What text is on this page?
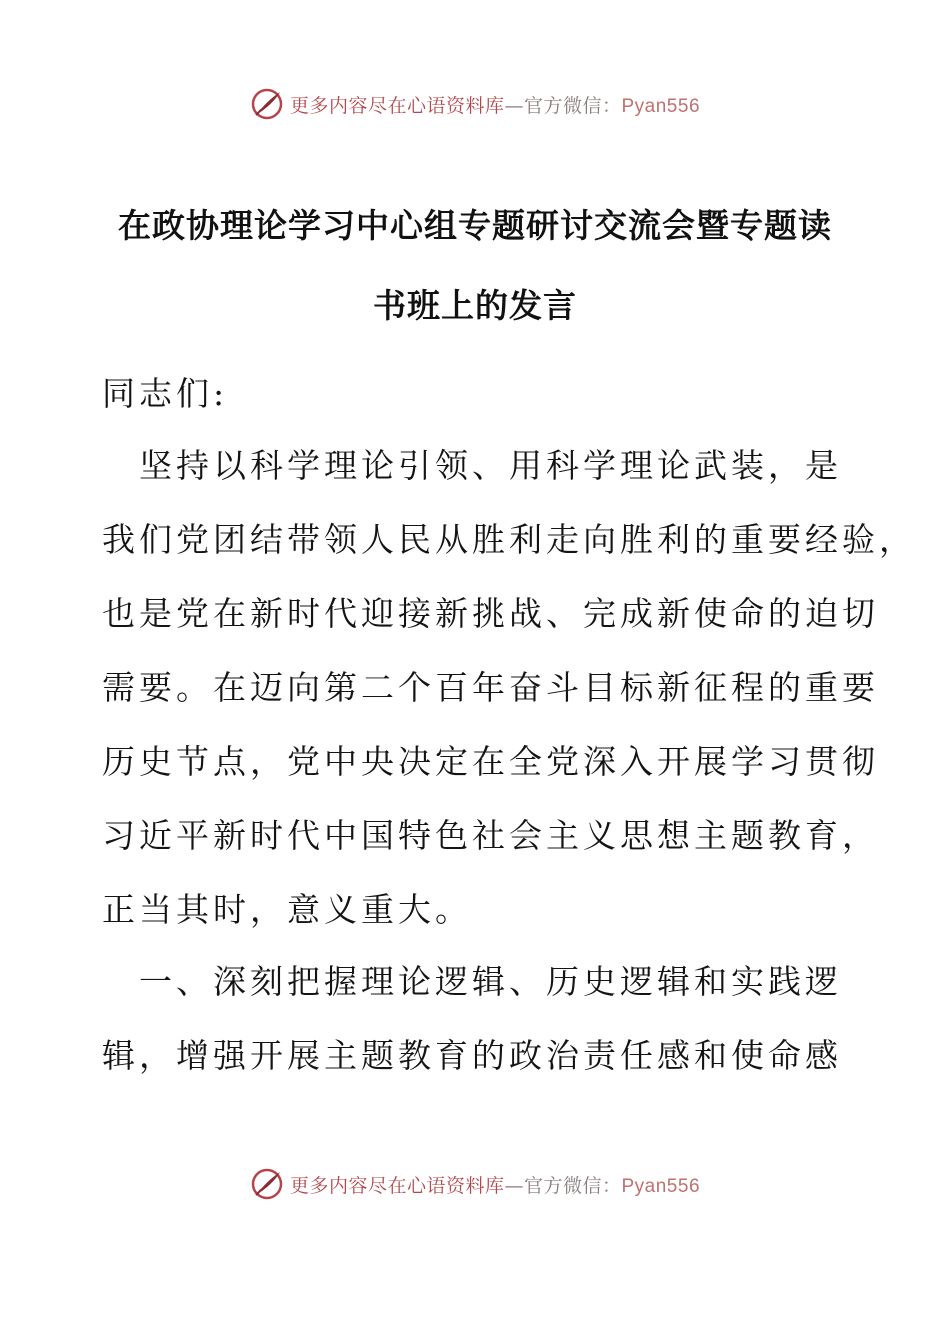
更多内容尽在心语资料库—官方微信：Pyan556
在政协理论学习中心组专题研讨交流会暨专题读
书班上的发言
同志们:
　坚持以科学理论引领、用科学理论武装，是
我们党团结带领人民从胜利走向胜利的重要经验，
也是党在新时代迎接新挑战、完成新使命的迫切
需要。在迈向第二个百年奋斗目标新征程的重要
历史节点，党中央决定在全党深入开展学习贯彻
习近平新时代中国特色社会主义思想主题教育，
正当其时，意义重大。
　一、深刻把握理论逻辑、历史逻辑和实践逻
辑，增强开展主题教育的政治责任感和使命感
更多内容尽在心语资料库—官方微信：Pyan556
